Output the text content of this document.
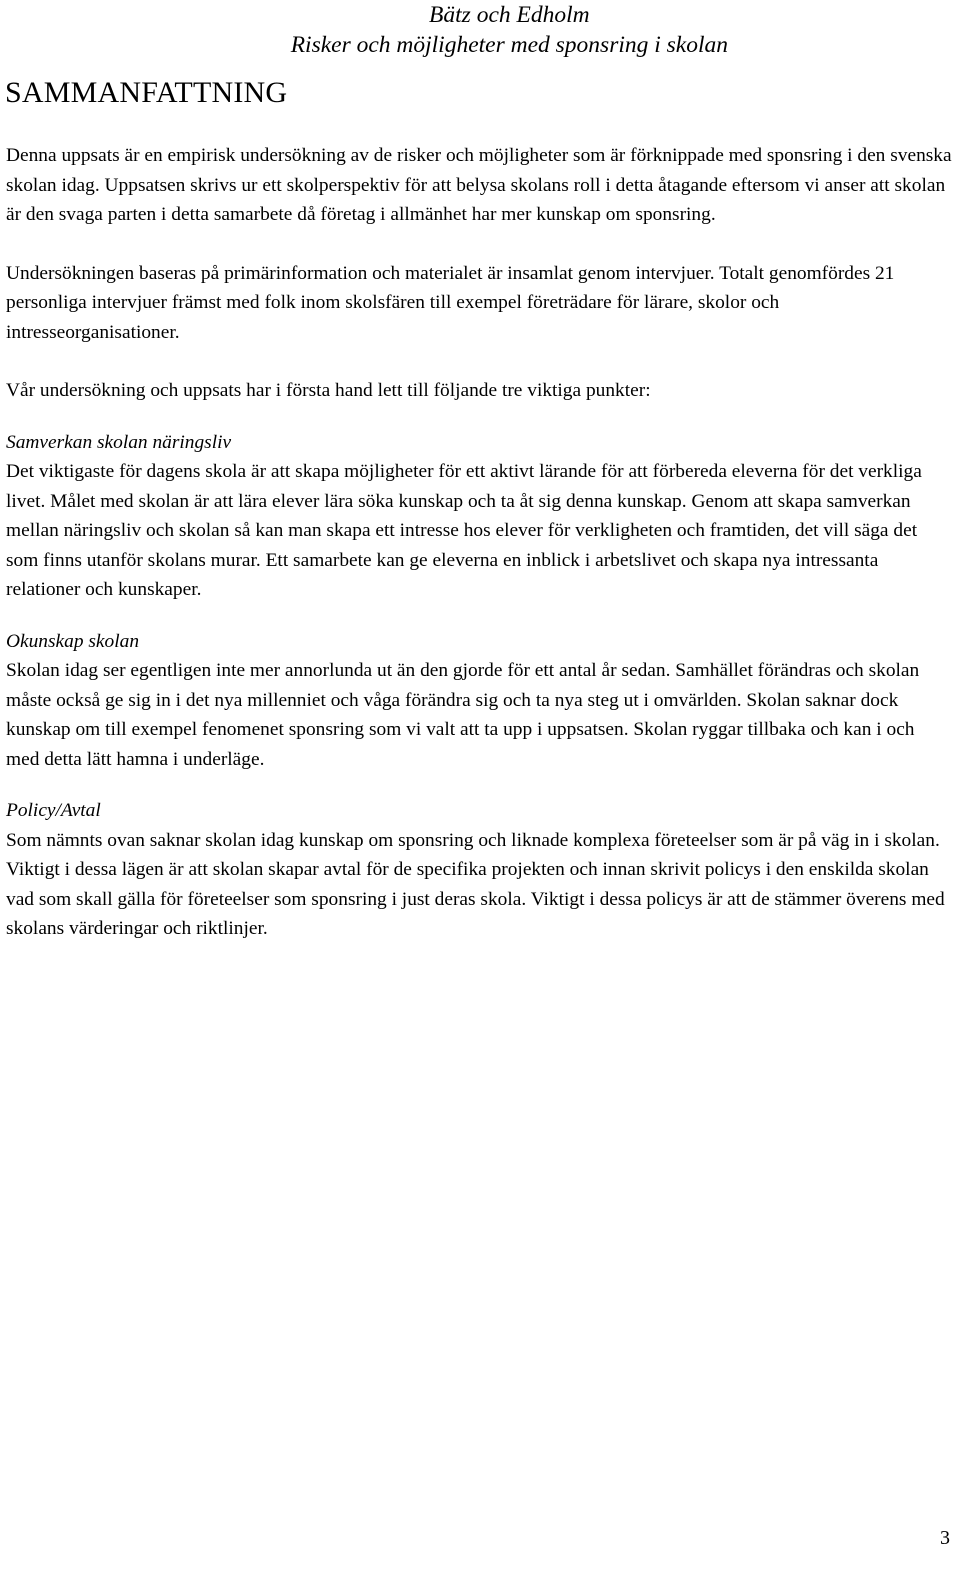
Bätz och Edholm
Risker och möjligheter med sponsring i skolan
SAMMANFATTNING

Denna uppsats är en empirisk undersökning av de risker och möjligheter som är förknippade med sponsring i den svenska skolan idag. Uppsatsen skrivs ur ett skolperspektiv för att belysa skolans roll i detta åtagande eftersom vi anser att skolan är den svaga parten i detta samarbete då företag i allmänhet har mer kunskap om sponsring.

Undersökningen baseras på primärinformation och materialet är insamlat genom intervjuer. Totalt genomfördes 21 personliga intervjuer främst med folk inom skolsfären till exempel företrädare för lärare, skolor och intresseorganisationer.

Vår undersökning och uppsats har i första hand lett till följande tre viktiga punkter:

Samverkan skolan näringsliv

Det viktigaste för dagens skola är att skapa möjligheter för ett aktivt lärande för att förbereda eleverna för det verkliga livet. Målet med skolan är att lära elever lära söka kunskap och ta åt sig denna kunskap. Genom att skapa samverkan mellan näringsliv och skolan så kan man skapa ett intresse hos elever för verkligheten och framtiden, det vill säga det som finns utanför skolans murar. Ett samarbete kan ge eleverna en inblick i arbetslivet och skapa nya intressanta relationer och kunskaper.

Okunskap skolan

Skolan idag ser egentligen inte mer annorlunda ut än den gjorde för ett antal år sedan. Samhället förändras och skolan måste också ge sig in i det nya millenniet och våga förändra sig och ta nya steg ut i omvärlden. Skolan saknar dock kunskap om till exempel fenomenet sponsring som vi valt att ta upp i uppsatsen. Skolan ryggar tillbaka och kan i och med detta lätt hamna i underläge.

Policy/Avtal

Som nämnts ovan saknar skolan idag kunskap om sponsring och liknade komplexa företeelser som är på väg in i skolan. Viktigt i dessa lägen är att skolan skapar avtal för de specifika projekten och innan skrivit policys i den enskilda skolan vad som skall gälla för företeelser som sponsring i just deras skola. Viktigt i dessa policys är att de stämmer överens med skolans värderingar och riktlinjer.

3
